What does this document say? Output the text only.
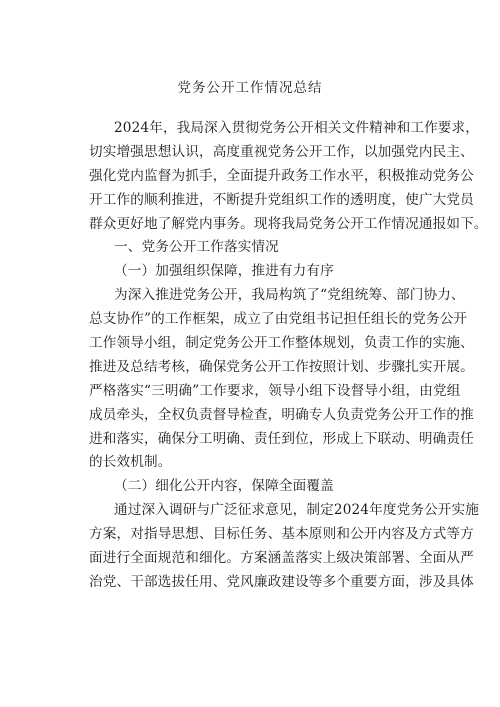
党务公开工作情况总结
2024年，我局深入贯彻党务公开相关文件精神和工作要求，
切实增强思想认识，高度重视党务公开工作，以加强党内民主、
强化党内监督为抓手，全面提升政务工作水平，积极推动党务公
开工作的顺利推进，不断提升党组织工作的透明度，使广大党员
群众更好地了解党内事务。现将我局党务公开工作情况通报如下。
一、党务公开工作落实情况
（一）加强组织保障，推进有力有序
为深入推进党务公开，我局构筑了“党组统筹、部门协力、
总支协作”的工作框架，成立了由党组书记担任组长的党务公开
工作领导小组，制定党务公开工作整体规划，负责工作的实施、
推进及总结考核，确保党务公开工作按照计划、步骤扎实开展。
严格落实“三明确”工作要求，领导小组下设督导小组，由党组
成员牵头，全权负责督导检查，明确专人负责党务公开工作的推
进和落实，确保分工明确、责任到位，形成上下联动、明确责任
的长效机制。
（二）细化公开内容，保障全面覆盖
通过深入调研与广泛征求意见，制定2024年度党务公开实施
方案，对指导思想、目标任务、基本原则和公开内容及方式等方
面进行全面规范和细化。方案涵盖落实上级决策部署、全面从严
治党、干部选拔任用、党风廉政建设等多个重要方面，涉及具体
